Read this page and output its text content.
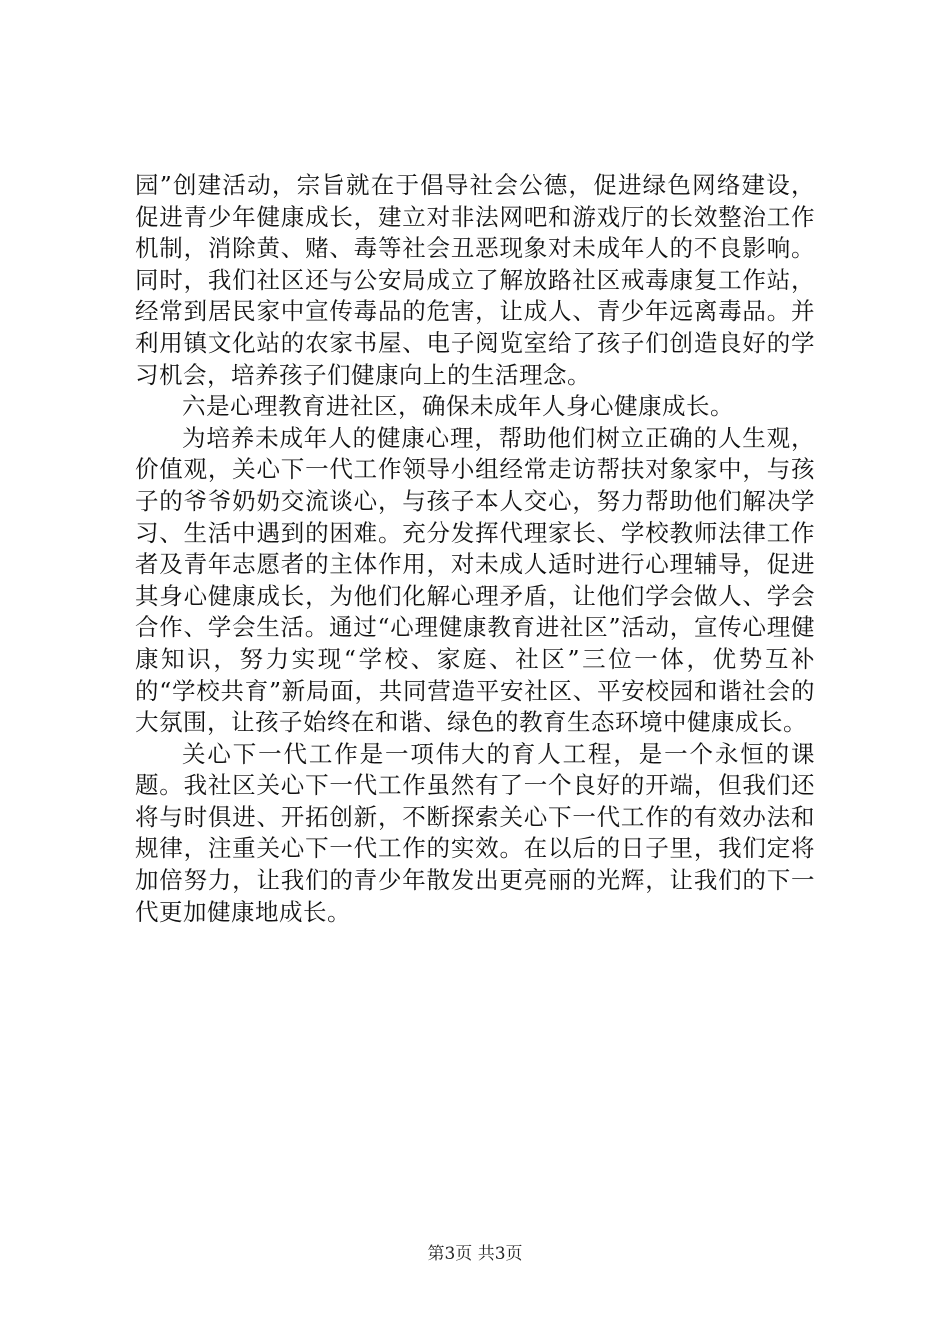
园”创建活动，宗旨就在于倡导社会公德，促进绿色网络建设，促进青少年健康成长，建立对非法网吧和游戏厅的长效整治工作机制，消除黄、赌、毒等社会丑恶现象对未成年人的不良影响。同时，我们社区还与公安局成立了解放路社区戒毒康复工作站，经常到居民家中宣传毒品的危害，让成人、青少年远离毒品。并利用镇文化站的农家书屋、电子阅览室给了孩子们创造良好的学习机会，培养孩子们健康向上的生活理念。

六是心理教育进社区，确保未成年人身心健康成长。

为培养未成年人的健康心理，帮助他们树立正确的人生观，价值观，关心下一代工作领导小组经常走访帮扶对象家中，与孩子的爷爷奶奶交流谈心，与孩子本人交心，努力帮助他们解决学习、生活中遇到的困难。充分发挥代理家长、学校教师法律工作者及青年志愿者的主体作用，对未成人适时进行心理辅导，促进其身心健康成长，为他们化解心理矛盾，让他们学会做人、学会合作、学会生活。通过“心理健康教育进社区”活动，宣传心理健康知识，努力实现“学校、家庭、社区”三位一体，优势互补的“学校共育”新局面，共同营造平安社区、平安校园和谐社会的大氛围，让孩子始终在和谐、绿色的教育生态环境中健康成长。

关心下一代工作是一项伟大的育人工程，是一个永恒的课题。我社区关心下一代工作虽然有了一个良好的开端，但我们还将与时俱进、开拓创新，不断探索关心下一代工作的有效办法和规律，注重关心下一代工作的实效。在以后的日子里，我们定将加倍努力，让我们的青少年散发出更亮丽的光辉，让我们的下一代更加健康地成长。

第3页 共3页
